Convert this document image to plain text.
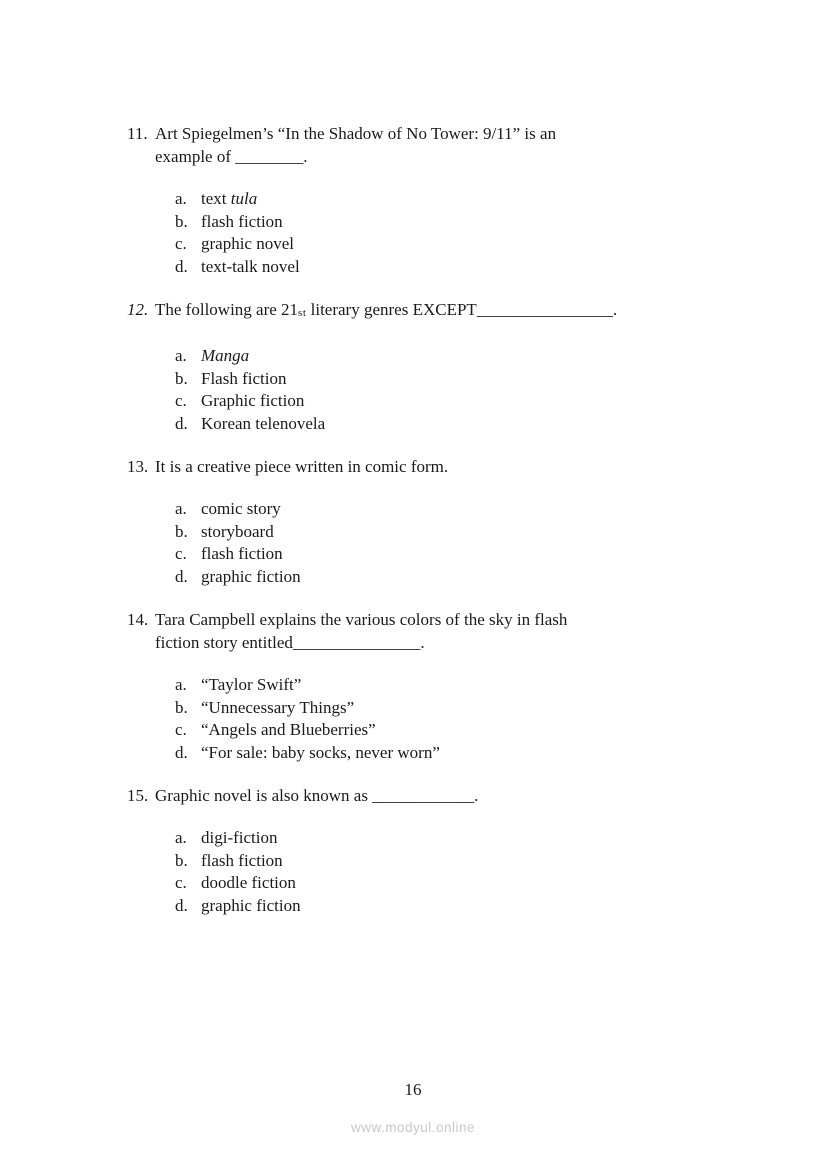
11. Art Spiegelmen’s “In the Shadow of No Tower: 9/11” is an
example of ________.
a. text tula
b. flash fiction
c. graphic novel
d. text-talk novel
12. The following are 21st literary genres EXCEPT________________.
a. Manga
b. Flash fiction
c. Graphic fiction
d. Korean telenovela
13. It is a creative piece written in comic form.
a. comic story
b. storyboard
c. flash fiction
d. graphic fiction
14. Tara Campbell explains the various colors of the sky in flash
fiction story entitled_______________.
a. “Taylor Swift”
b. “Unnecessary Things”
c. “Angels and Blueberries”
d. “For sale: baby socks, never worn”
15. Graphic novel is also known as ____________.
a. digi-fiction
b. flash fiction
c. doodle fiction
d. graphic fiction
16
www.modyul.online
